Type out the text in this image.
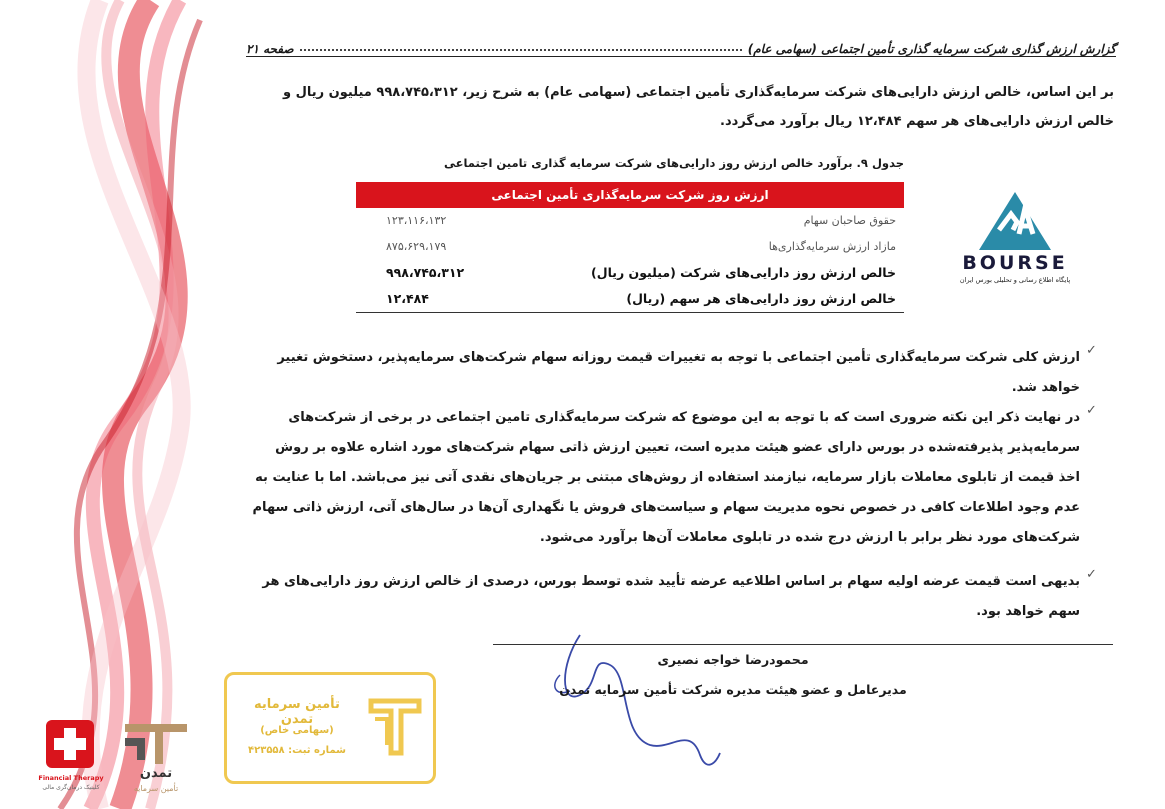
گزارش ارزش گذاری شرکت سرمایه گذاری تأمین اجتماعی (سهامی عام)
صفحه ۲۱
بر این اساس، خالص ارزش دارایی‌های شرکت سرمایه‌گذاری تأمین اجتماعی (سهامی عام) به شرح زیر، ۹۹۸،۷۴۵،۳۱۲ میلیون ریال و خالص ارزش دارایی‌های هر سهم ۱۲،۴۸۴ ریال برآورد می‌گردد.
جدول ۹. برآورد خالص ارزش روز دارایی‌های شرکت سرمایه گذاری تامین اجتماعی
ارزش روز شرکت سرمایه‌گذاری تأمین اجتماعی
حقوق صاحبان سهام
۱۲۳،۱۱۶،۱۳۲
مازاد ارزش سرمایه‌گذاری‌ها
۸۷۵،۶۲۹،۱۷۹
خالص ارزش روز دارایی‌های شرکت (میلیون ریال)
۹۹۸،۷۴۵،۳۱۲
خالص ارزش روز دارایی‌های هر سهم (ریال)
۱۲،۴۸۴
BOURSE
پایگاه اطلاع رسانی و تحلیلی بورس ایران
✓
ارزش کلی شرکت سرمایه‌گذاری تأمین اجتماعی با توجه به تغییرات قیمت روزانه سهام شرکت‌های سرمایه‌پذیر، دستخوش تغییر خواهد شد.
✓
در نهایت ذکر این نکته ضروری است که با توجه به این موضوع که شرکت سرمایه‌گذاری تامین اجتماعی در برخی از شرکت‌های سرمایه‌پذیر پذیرفته‌شده در بورس دارای عضو هیئت مدیره است، تعیین ارزش ذاتی سهام شرکت‌های مورد اشاره علاوه بر روش اخذ قیمت از تابلوی معاملات بازار سرمایه، نیازمند استفاده از روش‌های مبتنی بر جریان‌های نقدی آتی نیز می‌باشد. اما با عنایت به عدم وجود اطلاعات کافی در خصوص نحوه مدیریت سهام و سیاست‌های فروش یا نگهداری آن‌ها در سال‌های آتی، ارزش ذاتی سهام شرکت‌های مورد نظر برابر با ارزش درج شده در تابلوی معاملات آن‌ها برآورد می‌شود.
✓
بدیهی است قیمت عرضه اولیه سهام بر اساس اطلاعیه عرضه تأیید شده توسط بورس، درصدی از خالص ارزش روز دارایی‌های هر سهم خواهد بود.
محمودرضا خواجه نصیری
مدیرعامل و عضو هیئت مدیره شرکت تأمین سرمایه تمدن
تأمین سرمایه تمدن
(سهامی خاص)
شماره ثبت: ۴۲۳۵۵۸
Financial Therapy
کلینیک درمان‌گری مالی
تمدن
تأمین سرمایه
